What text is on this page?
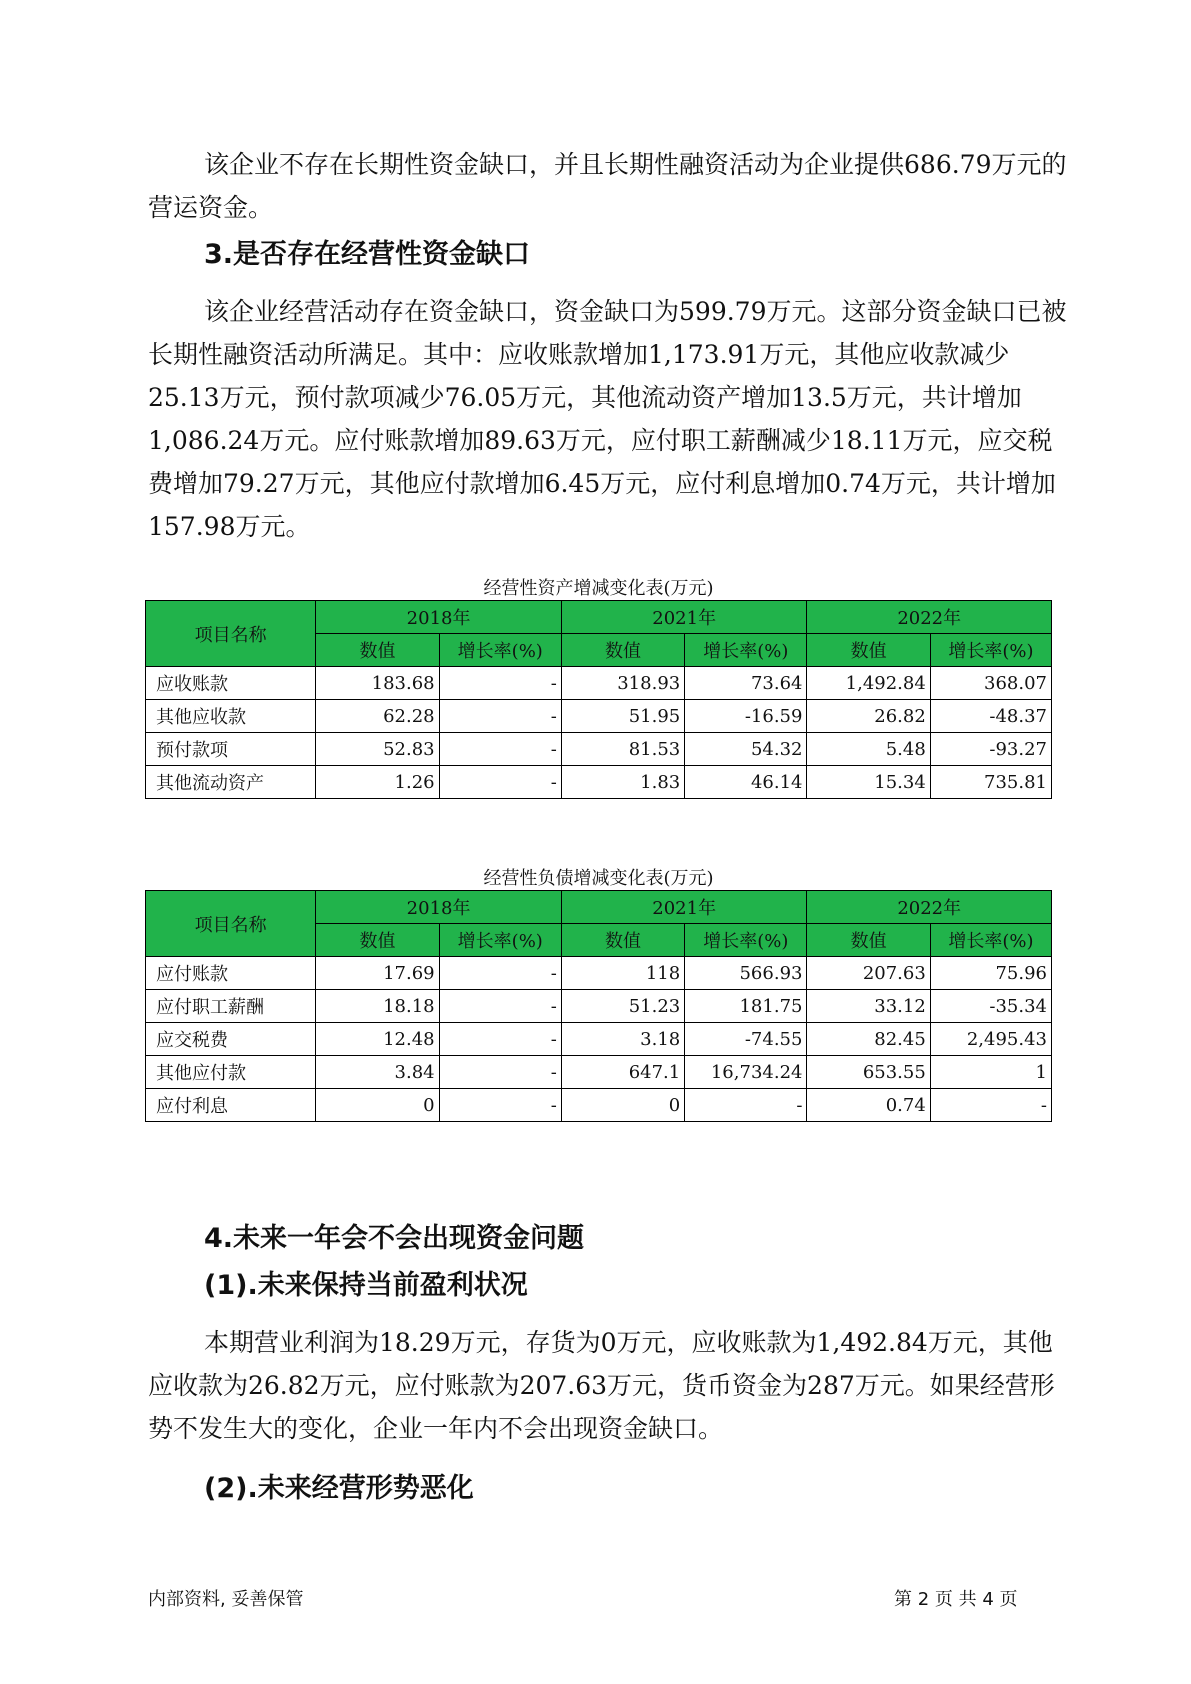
该企业不存在长期性资金缺口，并且长期性融资活动为企业提供686.79万元的营运资金。

3.是否存在经营性资金缺口

该企业经营活动存在资金缺口，资金缺口为599.79万元。这部分资金缺口已被长期性融资活动所满足。其中：应收账款增加1,173.91万元，其他应收款减少25.13万元，预付款项减少76.05万元，其他流动资产增加13.5万元，共计增加1,086.24万元。应付账款增加89.63万元，应付职工薪酬减少18.11万元，应交税费增加79.27万元，其他应付款增加6.45万元，应付利息增加0.74万元，共计增加157.98万元。

经营性资产增减变化表(万元)
项目名称	2018年		2021年		2022年	
	数值	增长率(%)	数值	增长率(%)	数值	增长率(%)
应收账款	183.68	-	318.93	73.64	1,492.84	368.07
其他应收款	62.28	-	51.95	-16.59	26.82	-48.37
预付款项	52.83	-	81.53	54.32	5.48	-93.27
其他流动资产	1.26	-	1.83	46.14	15.34	735.81
经营性负债增减变化表(万元)
项目名称	2018年		2021年		2022年	
	数值	增长率(%)	数值	增长率(%)	数值	增长率(%)
应付账款	17.69	-	118	566.93	207.63	75.96
应付职工薪酬	18.18	-	51.23	181.75	33.12	-35.34
应交税费	12.48	-	3.18	-74.55	82.45	2,495.43
其他应付款	3.84	-	647.1	16,734.24	653.55	1
应付利息	0	-	0	-	0.74	-

4.未来一年会不会出现资金问题

(1).未来保持当前盈利状况

本期营业利润为18.29万元，存货为0万元，应收账款为1,492.84万元，其他应收款为26.82万元，应付账款为207.63万元，货币资金为287万元。如果经营形势不发生大的变化，企业一年内不会出现资金缺口。

(2).未来经营形势恶化

内部资料, 妥善保管	第 2 页 共 4 页
